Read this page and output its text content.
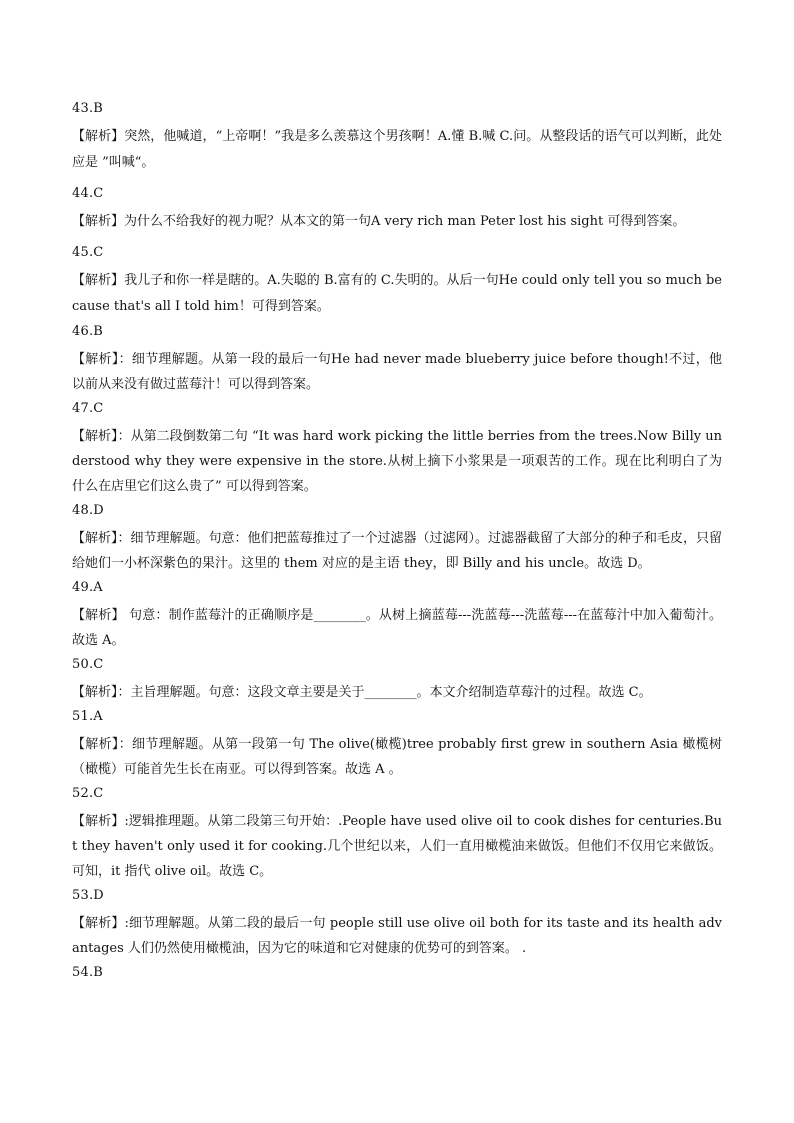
43.B

【解析】突然，他喊道，“上帝啊！”我是多么羡慕这个男孩啊！A.懂 B.喊 C.问。从整段话的语气可以判断，此处应是 ”叫喊“。

44.C

【解析】为什么不给我好的视力呢？从本文的第一句A very rich man Peter lost his sight 可得到答案。

45.C

【解析】我儿子和你一样是瞎的。A.失聪的 B.富有的 C.失明的。从后一句He could only tell you so much because that's all I told him！可得到答案。

46.B

【解析】：细节理解题。从第一段的最后一句He had never made blueberry juice before though!不过，他以前从来没有做过蓝莓汁！可以得到答案。

47.C

【解析】：从第二段倒数第二句 “It was hard work picking the little berries from the trees.Now Billy understood why they were expensive in the store.从树上摘下小浆果是一项艰苦的工作。现在比利明白了为什么在店里它们这么贵了” 可以得到答案。

48.D

【解析】：细节理解题。句意：他们把蓝莓推过了一个过滤器（过滤网）。过滤器截留了大部分的种子和毛皮，只留给她们一小杯深紫色的果汁。这里的 them 对应的是主语 they，即 Billy and his uncle。故选 D。

49.A

【解析】 句意：制作蓝莓汁的正确顺序是________。从树上摘蓝莓---洗蓝莓---洗蓝莓---在蓝莓汁中加入葡萄汁。故选 A。

50.C

【解析】：主旨理解题。句意：这段文章主要是关于________。本文介绍制造草莓汁的过程。故选 C。

51.A

【解析】：细节理解题。从第一段第一句 The olive(橄榄)tree probably first grew in southern Asia 橄榄树（橄榄）可能首先生长在南亚。可以得到答案。故选 A 。

52.C

【解析】:逻辑推理题。从第二段第三句开始：.People have used olive oil to cook dishes for centuries.But they haven't only used it for cooking.几个世纪以来，人们一直用橄榄油来做饭。但他们不仅用它来做饭。可知，it 指代 olive oil。故选 C。

53.D

【解析】:细节理解题。从第二段的最后一句 people still use olive oil both for its taste and its health advantages 人们仍然使用橄榄油，因为它的味道和它对健康的优势可的到答案。 .

54.B
